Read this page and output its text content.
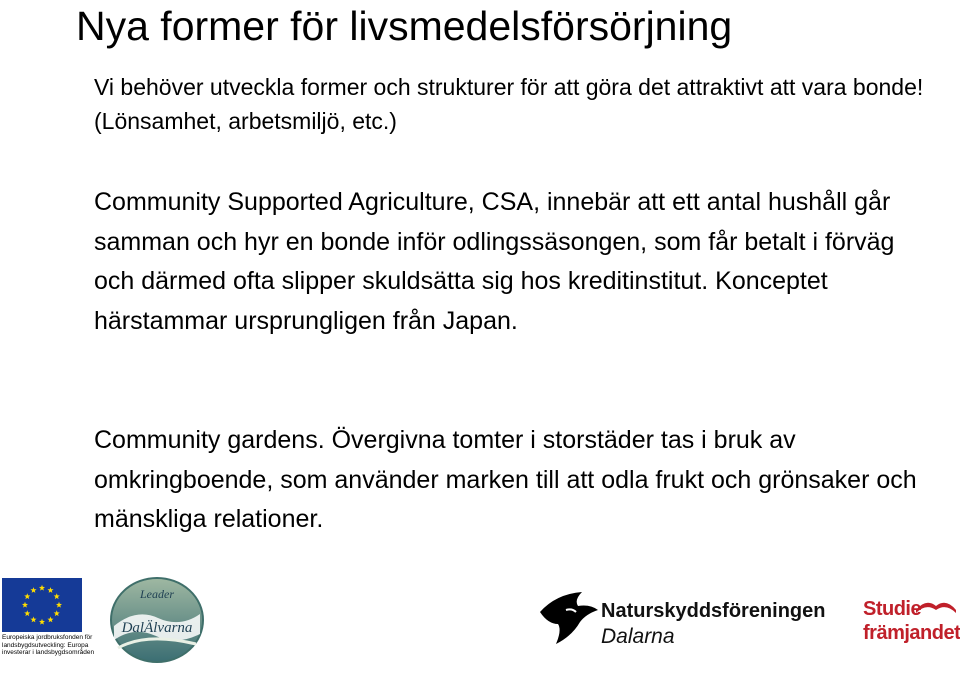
Nya former för livsmedelsförsörjning

Vi behöver utveckla former och strukturer för att göra det attraktivt att vara bonde! (Lönsamhet, arbetsmiljö, etc.)

Community Supported Agriculture, CSA, innebär att ett antal hushåll går samman och hyr en bonde inför odlingssäsongen, som får betalt i förväg och därmed ofta slipper skuldsätta sig hos kreditinstitut. Konceptet härstammar ursprungligen från Japan.

Community gardens. Övergivna tomter i storstäder tas i bruk av omkringboende, som använder marken till att odla frukt och grönsaker och mänskliga relationer.

Europeiska jordbruksfonden för
landsbygdsutveckling: Europa
investerar i landsbygdsområden
Leader
DalÄlvarna
Naturskyddsföreningen
Dalarna
Studie
främjandet
